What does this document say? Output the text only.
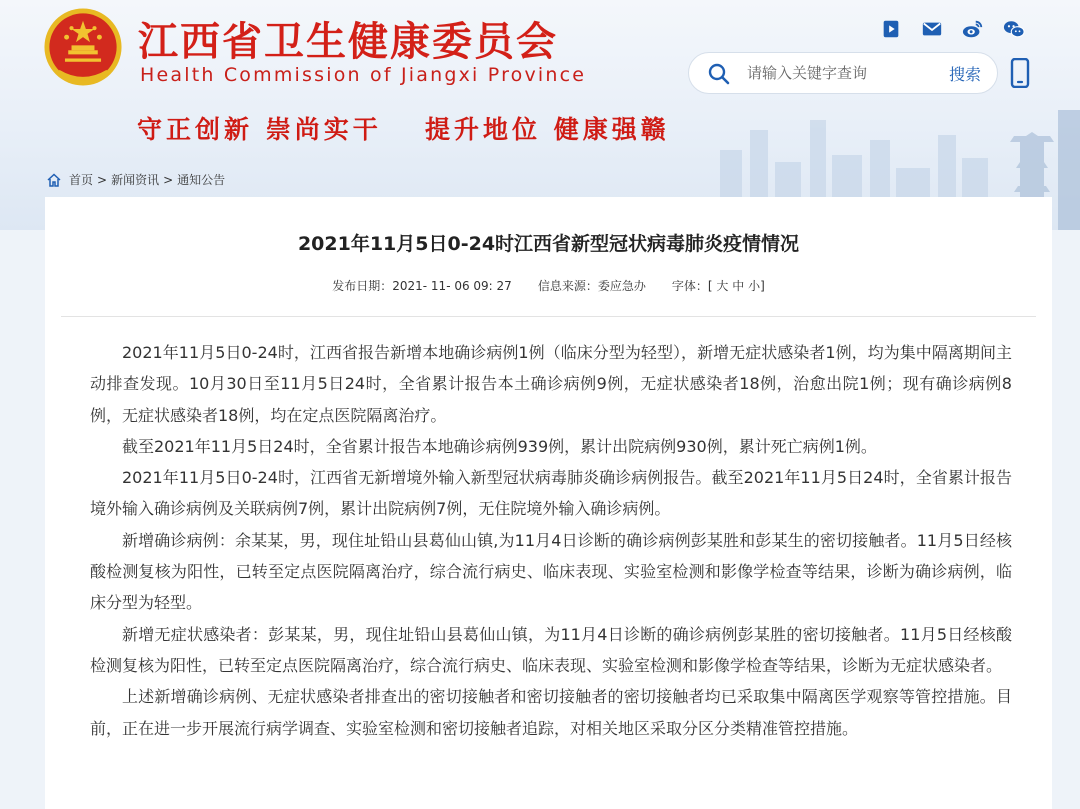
江西省卫生健康委员会
Health Commission of Jiangxi Province
守正创新 崇尚实干 提升地位 健康强赣
请输入关键字查询
搜索
首页 > 新闻资讯 > 通知公告
2021年11月5日0-24时江西省新型冠状病毒肺炎疫情情况
发布日期：2021- 11- 06 09: 27 信息来源：委应急办 字体：[ 大 中 小]

2021年11月5日0-24时，江西省报告新增本地确诊病例1例（临床分型为轻型），新增无症状感染者1例，均为集中隔离期间主动排查发现。10月30日至11月5日24时，全省累计报告本土确诊病例9例，无症状感染者18例，治愈出院1例；现有确诊病例8例，无症状感染者18例，均在定点医院隔离治疗。

截至2021年11月5日24时，全省累计报告本地确诊病例939例，累计出院病例930例，累计死亡病例1例。

2021年11月5日0-24时，江西省无新增境外输入新型冠状病毒肺炎确诊病例报告。截至2021年11月5日24时，全省累计报告境外输入确诊病例及关联病例7例，累计出院病例7例，无住院境外输入确诊病例。

新增确诊病例：余某某，男，现住址铅山县葛仙山镇,为11月4日诊断的确诊病例彭某胜和彭某生的密切接触者。11月5日经核酸检测复核为阳性，已转至定点医院隔离治疗，综合流行病史、临床表现、实验室检测和影像学检查等结果，诊断为确诊病例，临床分型为轻型。

新增无症状感染者：彭某某，男，现住址铅山县葛仙山镇，为11月4日诊断的确诊病例彭某胜的密切接触者。11月5日经核酸检测复核为阳性，已转至定点医院隔离治疗，综合流行病史、临床表现、实验室检测和影像学检查等结果，诊断为无症状感染者。

上述新增确诊病例、无症状感染者排查出的密切接触者和密切接触者的密切接触者均已采取集中隔离医学观察等管控措施。目前，正在进一步开展流行病学调查、实验室检测和密切接触者追踪，对相关地区采取分区分类精准管控措施。
